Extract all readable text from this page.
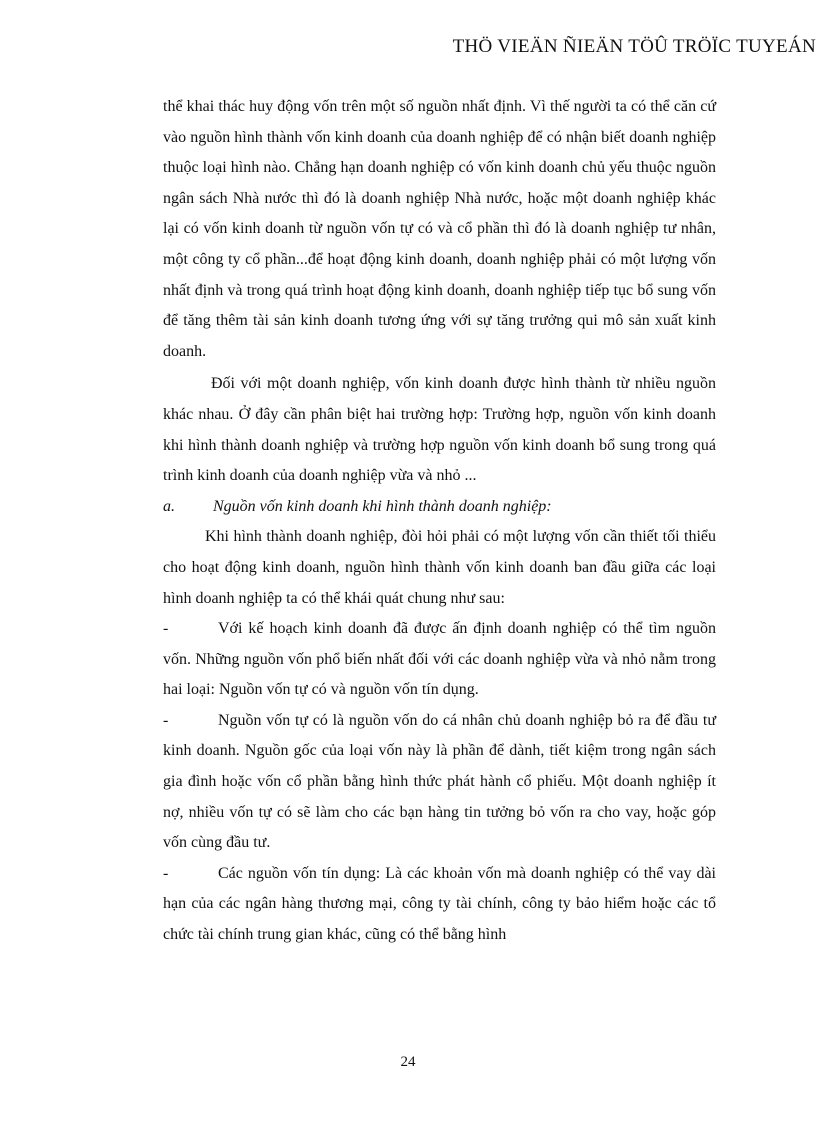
THÖ VIEÄN ÑIEÄN TÖÛ TRÖÏC TUYEÁN

thể khai thác huy động vốn trên một số nguồn nhất định. Vì thế người ta có thể căn cứ vào nguồn hình thành vốn kinh doanh của doanh nghiệp để có nhận biết doanh nghiệp thuộc loại hình nào. Chẳng hạn doanh nghiệp có vốn kinh doanh chủ yếu thuộc nguồn ngân sách Nhà nước thì đó là doanh nghiệp Nhà nước, hoặc một doanh nghiệp khác lại có vốn kinh doanh từ nguồn vốn tự có và cổ phần thì đó là doanh nghiệp tư nhân, một công ty cổ phần...để hoạt động kinh doanh, doanh nghiệp phải có một lượng vốn nhất định và trong quá trình hoạt động kinh doanh, doanh nghiệp tiếp tục bổ sung vốn để tăng thêm tài sản kinh doanh tương ứng với sự tăng trưởng qui mô sản xuất kinh doanh.

Đối với một doanh nghiệp, vốn kinh doanh được hình thành từ nhiều nguồn khác nhau. Ở đây cần phân biệt hai trường hợp: Trường hợp, nguồn vốn kinh doanh khi hình thành doanh nghiệp và trường hợp nguồn vốn kinh doanh bổ sung trong quá trình kinh doanh của doanh nghiệp vừa và nhỏ ...

a.	Nguồn vốn kinh doanh khi hình thành doanh nghiệp:

Khi hình thành doanh nghiệp, đòi hỏi phải có một lượng vốn cần thiết tối thiểu cho hoạt động kinh doanh, nguồn hình thành vốn kinh doanh ban đầu giữa các loại hình doanh nghiệp ta có thể khái quát chung như sau:

-	Với kế hoạch kinh doanh đã được ấn định doanh nghiệp có thể tìm nguồn vốn. Những nguồn vốn phổ biến nhất đối với các doanh nghiệp vừa và nhỏ nằm trong hai loại: Nguồn vốn tự có và nguồn vốn tín dụng.

-	Nguồn vốn tự có là nguồn vốn do cá nhân chủ doanh nghiệp bỏ ra để đầu tư kinh doanh. Nguồn gốc của loại vốn này là phần để dành, tiết kiệm trong ngân sách gia đình hoặc vốn cổ phần bằng hình thức phát hành cổ phiếu. Một doanh nghiệp ít nợ, nhiều vốn tự có sẽ làm cho các bạn hàng tin tưởng bỏ vốn ra cho vay, hoặc góp vốn cùng đầu tư.

-	Các nguồn vốn tín dụng: Là các khoản vốn mà doanh nghiệp có thể vay dài hạn của các ngân hàng thương mại, công ty tài chính, công ty bảo hiểm hoặc các tổ chức tài chính trung gian khác, cũng có thể bằng hình

24
